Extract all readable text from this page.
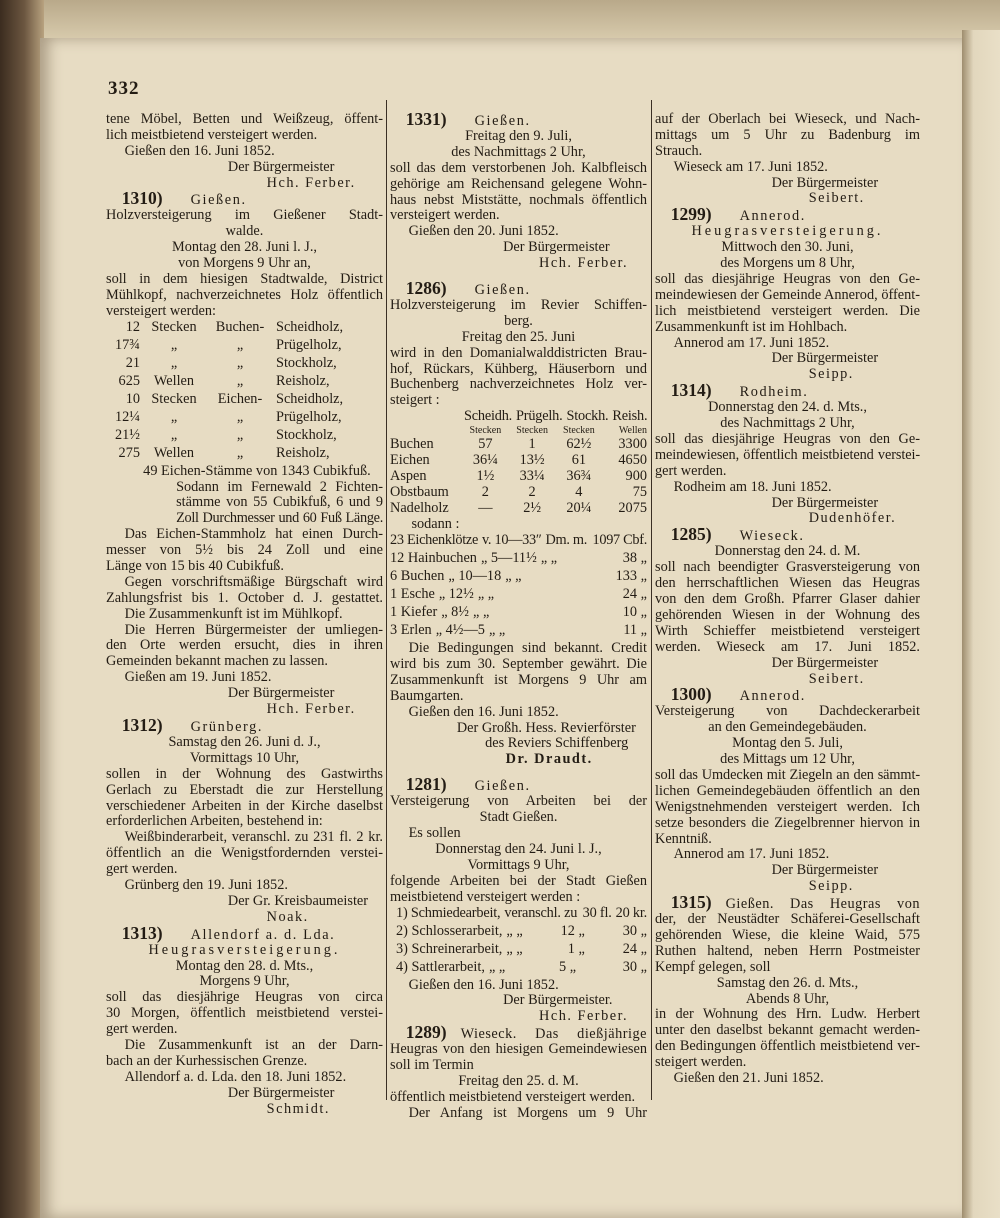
332
tene Möbel, Betten und Weißzeug, öffent-
lich meistbietend versteigert werden.
Gießen den 16. Juni 1852.
Der Bürgermeister
Hch. Ferber.
1310) Gießen.
Holzversteigerung im Gießener Stadt-
walde.
Montag den 28. Juni l. J.,
von Morgens 9 Uhr an,
soll in dem hiesigen Stadtwalde, District
Mühlkopf, nachverzeichnetes Holz öffentlich
versteigert werden:
12 Stecken	Buchen- Scheidholz,
17¾	„	„	Prügelholz,
21	„	„	Stockholz,
625 Wellen	„	Reisholz,
10 Stecken	Eichen- Scheidholz,
12¼	„	„	Prügelholz,
21½	„	„	Stockholz,
275 Wellen	„	Reisholz,
49 Eichen-Stämme von 1343 Cubikfuß.
Sodann im Fernewald 2 Fichten-
stämme von 55 Cubikfuß, 6 und 9
Zoll Durchmesser und 60 Fuß Länge.
Das Eichen-Stammholz hat einen Durch-
messer von 5½ bis 24 Zoll und eine
Länge von 15 bis 40 Cubikfuß.
Gegen vorschriftsmäßige Bürgschaft wird
Zahlungsfrist bis 1. October d. J. gestattet.
Die Zusammenkunft ist im Mühlkopf.
Die Herren Bürgermeister der umliegen-
den Orte werden ersucht, dies in ihren
Gemeinden bekannt machen zu lassen.
Gießen am 19. Juni 1852.
Der Bürgermeister
Hch. Ferber.
1312) Grünberg.
Samstag den 26. Juni d. J.,
Vormittags 10 Uhr,
sollen in der Wohnung des Gastwirths
Gerlach zu Eberstadt die zur Herstellung
verschiedener Arbeiten in der Kirche daselbst
erforderlichen Arbeiten, bestehend in:
Weißbinderarbeit, veranschl. zu 231 fl. 2 kr.
öffentlich an die Wenigstfordernden verstei-
gert werden.
Grünberg den 19. Juni 1852.
Der Gr. Kreisbaumeister
Noak.
1313) Allendorf a. d. Lda.
Heugrasversteigerung.
Montag den 28. d. Mts.,
Morgens 9 Uhr,
soll das diesjährige Heugras von circa
30 Morgen, öffentlich meistbietend verstei-
gert werden.
Die Zusammenkunft ist an der Darn-
bach an der Kurhessischen Grenze.
Allendorf a. d. Lda. den 18. Juni 1852.
Der Bürgermeister
Schmidt.
1331) Gießen.
Freitag den 9. Juli,
des Nachmittags 2 Uhr,
soll das dem verstorbenen Joh. Kalbfleisch
gehörige am Reichensand gelegene Wohn-
haus nebst Miststätte, nochmals öffentlich
versteigert werden.
Gießen den 20. Juni 1852.
Der Bürgermeister
Hch. Ferber.
1286) Gießen.
Holzversteigerung im Revier Schiffen-
berg.
Freitag den 25. Juni
wird in den Domanialwalddistricten Brau-
hof, Rückars, Kühberg, Häuserborn und
Buchenberg nachverzeichnetes Holz ver-
steigert :
Scheidh. Prügelh. Stockh. Reish.
Stecken	Stecken	Stecken	Wellen
Buchen	57	1	62½	3300
Eichen	36¼	13½	61	4650
Aspen	1½	33¼	36¾	900
Obstbaum	2	2	4	75
Nadelholz	—	2½	20¼	2075
sodann :
23 Eichenklötze v. 10—33″ Dm. m. 1097 Cbf.
12 Hainbuchen „ 5—11½ „ „	38 „
6 Buchen „ 10—18 „ „	133 „
1 Esche „ 12½ „ „	24 „
1 Kiefer „ 8½ „ „	10 „
3 Erlen „ 4½—5 „ „	11 „
Die Bedingungen sind bekannt. Credit
wird bis zum 30. September gewährt. Die
Zusammenkunft ist Morgens 9 Uhr am
Baumgarten.
Gießen den 16. Juni 1852.
Der Großh. Hess. Revierförster
des Reviers Schiffenberg
Dr. Draudt.
1281) Gießen.
Versteigerung von Arbeiten bei der
Stadt Gießen.
Es sollen
Donnerstag den 24. Juni l. J.,
Vormittags 9 Uhr,
folgende Arbeiten bei der Stadt Gießen
meistbietend versteigert werden :
1) Schmiedearbeit, veranschl. zu 30 fl. 20 kr.
2) Schlosserarbeit, „ „	12 „	30 „
3) Schreinerarbeit, „ „	1 „	24 „
4) Sattlerarbeit, „ „	5 „	30 „
Gießen den 16. Juni 1852.
Der Bürgermeister.
Hch. Ferber.
1289) Wieseck. Das dießjährige
Heugras von den hiesigen Gemeindewiesen
soll im Termin
Freitag den 25. d. M.
öffentlich meistbietend versteigert werden.
Der Anfang ist Morgens um 9 Uhr
auf der Oberlach bei Wieseck, und Nach-
mittags um 5 Uhr zu Badenburg im
Strauch.
Wieseck am 17. Juni 1852.
Der Bürgermeister
Seibert.
1299) Annerod.
Heugrasversteigerung.
Mittwoch den 30. Juni,
des Morgens um 8 Uhr,
soll das diesjährige Heugras von den Ge-
meindewiesen der Gemeinde Annerod, öffent-
lich meistbietend versteigert werden. Die
Zusammenkunft ist im Hohlbach.
Annerod am 17. Juni 1852.
Der Bürgermeister
Seipp.
1314) Rodheim.
Donnerstag den 24. d. Mts.,
des Nachmittags 2 Uhr,
soll das diesjährige Heugras von den Ge-
meindewiesen, öffentlich meistbietend verstei-
gert werden.
Rodheim am 18. Juni 1852.
Der Bürgermeister
Dudenhöfer.
1285) Wieseck.
Donnerstag den 24. d. M.
soll nach beendigter Grasversteigerung von
den herrschaftlichen Wiesen das Heugras
von den dem Großh. Pfarrer Glaser dahier
gehörenden Wiesen in der Wohnung des
Wirth Schieffer meistbietend versteigert
werden. Wieseck am 17. Juni 1852.
Der Bürgermeister
Seibert.
1300) Annerod.
Versteigerung von Dachdeckerarbeit
an den Gemeindegebäuden.
Montag den 5. Juli,
des Mittags um 12 Uhr,
soll das Umdecken mit Ziegeln an den sämmt-
lichen Gemeindegebäuden öffentlich an den
Wenigstnehmenden versteigert werden. Ich
setze besonders die Ziegelbrenner hiervon in
Kenntniß.
Annerod am 17. Juni 1852.
Der Bürgermeister
Seipp.
1315) Gießen. Das Heugras von
der, der Neustädter Schäferei-Gesellschaft
gehörenden Wiese, die kleine Waid, 575
Ruthen haltend, neben Herrn Postmeister
Kempf gelegen, soll
Samstag den 26. d. Mts.,
Abends 8 Uhr,
in der Wohnung des Hrn. Ludw. Herbert
unter den daselbst bekannt gemacht werden-
den Bedingungen öffentlich meistbietend ver-
steigert werden.
Gießen den 21. Juni 1852.
